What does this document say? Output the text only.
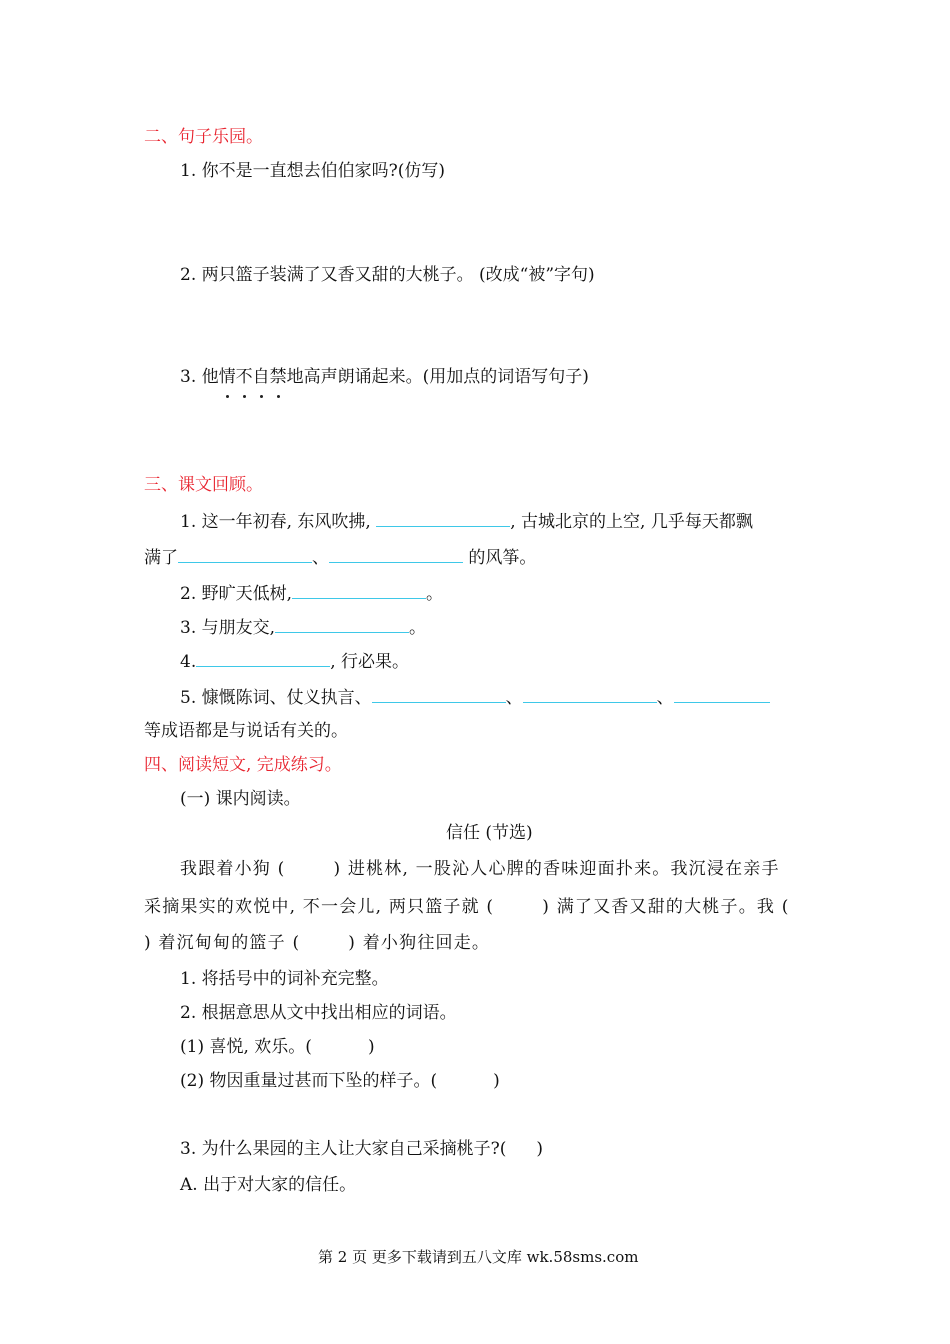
二、句子乐园。
1. 你不是一直想去伯伯家吗?(仿写)
2. 两只篮子装满了又香又甜的大桃子。 (改成“被”字句)
3. 他情不自禁地高声朗诵起来。(用加点的词语写句子)
三、课文回顾。
1. 这一年初春, 东风吹拂,	, 古城北京的上空, 几乎每天都飘
满了	、	的风筝。
2. 野旷天低树,	。
3. 与朋友交,	。
4.	, 行必果。
5. 慷慨陈词、仗义执言、	、	、
等成语都是与说话有关的。
四、阅读短文, 完成练习。
(一) 课内阅读。
信任 (节选)
我跟着小狗 (	) 进桃林, 一股沁人心脾的香味迎面扑来。我沉浸在亲手
采摘果实的欢悦中, 不一会儿, 两只篮子就 (	) 满了又香又甜的大桃子。我 (
) 着沉甸甸的篮子 (	) 着小狗往回走。
1. 将括号中的词补充完整。
2. 根据意思从文中找出相应的词语。
(1) 喜悦, 欢乐。(	)
(2) 物因重量过甚而下坠的样子。(	)
3. 为什么果园的主人让大家自己采摘桃子?( )
A. 出于对大家的信任。
第 2 页 更多下载请到五八文库 wk.58sms.com
